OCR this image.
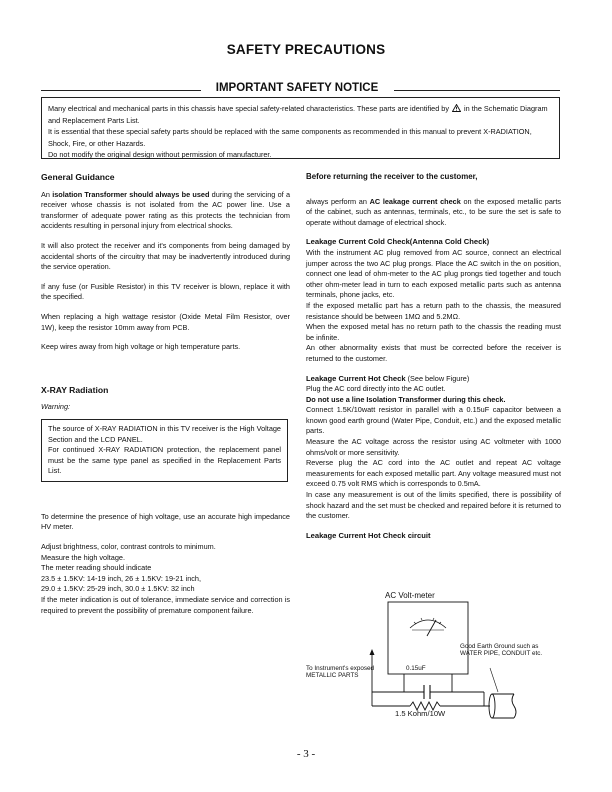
SAFETY PRECAUTIONS
IMPORTANT SAFETY NOTICE

Many electrical and mechanical parts in this chassis have special safety-related characteristics. These parts are identified by in the Schematic Diagram and Replacement Parts List.

It is essential that these special safety parts should be replaced with the same components as recommended in this manual to prevent X-RADIATION, Shock, Fire, or other Hazards.

Do not modify the original design without permission of manufacturer.

General Guidance

An isolation Transformer should always be used during the servicing of a receiver whose chassis is not isolated from the AC power line. Use a transformer of adequate power rating as this protects the technician from accidents resulting in personal injury from electrical shocks.

It will also protect the receiver and it's components from being damaged by accidental shorts of the circuitry that may be inadvertently introduced during the service operation.

If any fuse (or Fusible Resistor) in this TV receiver is blown, replace it with the specified.

When replacing a high wattage resistor (Oxide Metal Film Resistor, over 1W), keep the resistor 10mm away from PCB.

Keep wires away from high voltage or high temperature parts.

X-RAY Radiation

Warning:

The source of X-RAY RADIATION in this TV receiver is the High Voltage Section and the LCD PANEL.

For continued X-RAY RADIATION protection, the replacement panel must be the same type panel as specified in the Replacement Parts List.

To determine the presence of high voltage, use an accurate high impedance HV meter.

Adjust brightness, color, contrast controls to minimum.

Measure the high voltage.

The meter reading should indicate

23.5 ± 1.5KV: 14-19 inch, 26 ± 1.5KV: 19-21 inch,

29.0 ± 1.5KV: 25-29 inch, 30.0 ± 1.5KV: 32 inch

If the meter indication is out of tolerance, immediate service and correction is required to prevent the possibility of premature component failure.

Before returning the receiver to the customer,

always perform an AC leakage current check on the exposed metallic parts of the cabinet, such as antennas, terminals, etc., to be sure the set is safe to operate without damage of electrical shock.

Leakage Current Cold Check(Antenna Cold Check)

With the instrument AC plug removed from AC source, connect an electrical jumper across the two AC plug prongs. Place the AC switch in the on position, connect one lead of ohm-meter to the AC plug prongs tied together and touch other ohm-meter lead in turn to each exposed metallic parts such as antenna terminals, phone jacks, etc.

If the exposed metallic part has a return path to the chassis, the measured resistance should be between 1MΩ and 5.2MΩ.

When the exposed metal has no return path to the chassis the reading must be infinite.

An other abnormality exists that must be corrected before the receiver is returned to the customer.

Leakage Current Hot Check (See below Figure)

Plug the AC cord directly into the AC outlet.

Do not use a line Isolation Transformer during this check.

Connect 1.5K/10watt resistor in parallel with a 0.15uF capacitor between a known good earth ground (Water Pipe, Conduit, etc.) and the exposed metallic parts.

Measure the AC voltage across the resistor using AC voltmeter with 1000 ohms/volt or more sensitivity.

Reverse plug the AC cord into the AC outlet and repeat AC voltage measurements for each exposed metallic part. Any voltage measured must not exceed 0.75 volt RMS which is corresponds to 0.5mA.

In case any measurement is out of the limits specified, there is possibility of shock hazard and the set must be checked and repaired before it is returned to the customer.

Leakage Current Hot Check circuit
AC Volt-meter
Good Earth Ground such as WATER PIPE, CONDUIT etc.
To Instrument's exposed METALLIC PARTS
0.15uF
1.5 Kohm/10W
- 3 -
